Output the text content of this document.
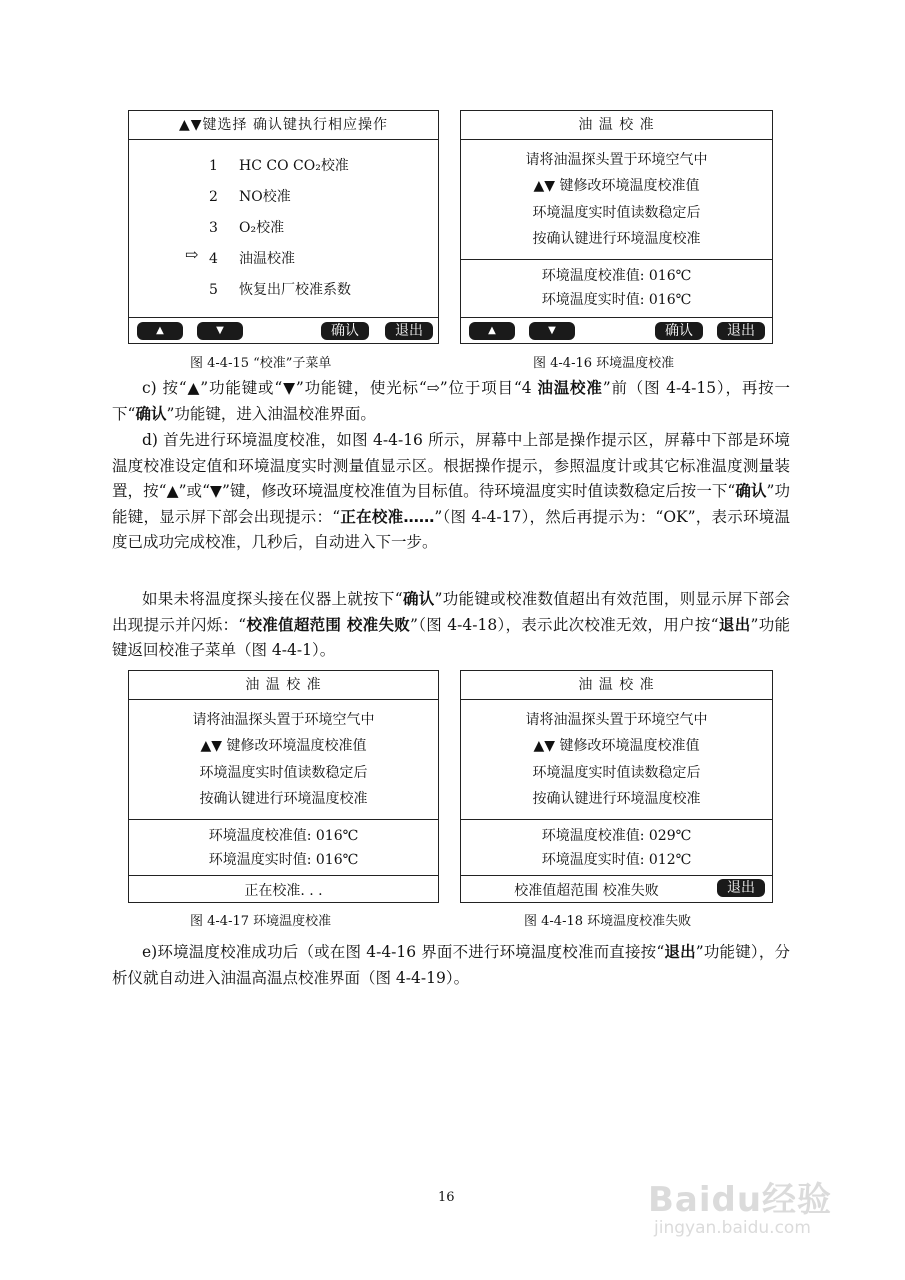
▲▼键选择 确认键执行相应操作
1 HC CO CO₂校准
2 NO校准
3 O₂校准
⇨ 4 油温校准
5 恢复出厂校准系数
▲	▼	确认	退出
图 4-4-15 “校准”子菜单
油 温 校 准
请将油温探头置于环境空气中
▲▼ 键修改环境温度校准值
环境温度实时值读数稳定后
按确认键进行环境温度校准
环境温度校准值: 016℃
环境温度实时值: 016℃
▲	▼	确认	退出
图 4-4-16 环境温度校准

c) 按“▲”功能键或“▼”功能键，使光标“⇨”位于项目“4 油温校准”前（图 4-4-15），再按一下“确认”功能键，进入油温校准界面。

d) 首先进行环境温度校准，如图 4-4-16 所示，屏幕中上部是操作提示区，屏幕中下部是环境温度校准设定值和环境温度实时测量值显示区。根据操作提示，参照温度计或其它标准温度测量装置，按“▲”或“▼”键，修改环境温度校准值为目标值。待环境温度实时值读数稳定后按一下“确认”功能键，显示屏下部会出现提示：“正在校准……”（图 4-4-17），然后再提示为：“OK”，表示环境温度已成功完成校准，几秒后，自动进入下一步。

如果未将温度探头接在仪器上就按下“确认”功能键或校准数值超出有效范围，则显示屏下部会出现提示并闪烁：“校准值超范围 校准失败”（图 4-4-18），表示此次校准无效，用户按“退出”功能键返回校准子菜单（图 4-4-1）。

油 温 校 准
请将油温探头置于环境空气中
▲▼ 键修改环境温度校准值
环境温度实时值读数稳定后
按确认键进行环境温度校准
环境温度校准值: 016℃
环境温度实时值: 016℃
正在校准. . .
图 4-4-17 环境温度校准
油 温 校 准
请将油温探头置于环境空气中
▲▼ 键修改环境温度校准值
环境温度实时值读数稳定后
按确认键进行环境温度校准
环境温度校准值: 029℃
环境温度实时值: 012℃
校准值超范围 校准失败	退出
图 4-4-18 环境温度校准失败

e)环境温度校准成功后（或在图 4-4-16 界面不进行环境温度校准而直接按“退出”功能键），分析仪就自动进入油温高温点校准界面（图 4-4-19）。

16	Baidu经验
jingyan.baidu.com
